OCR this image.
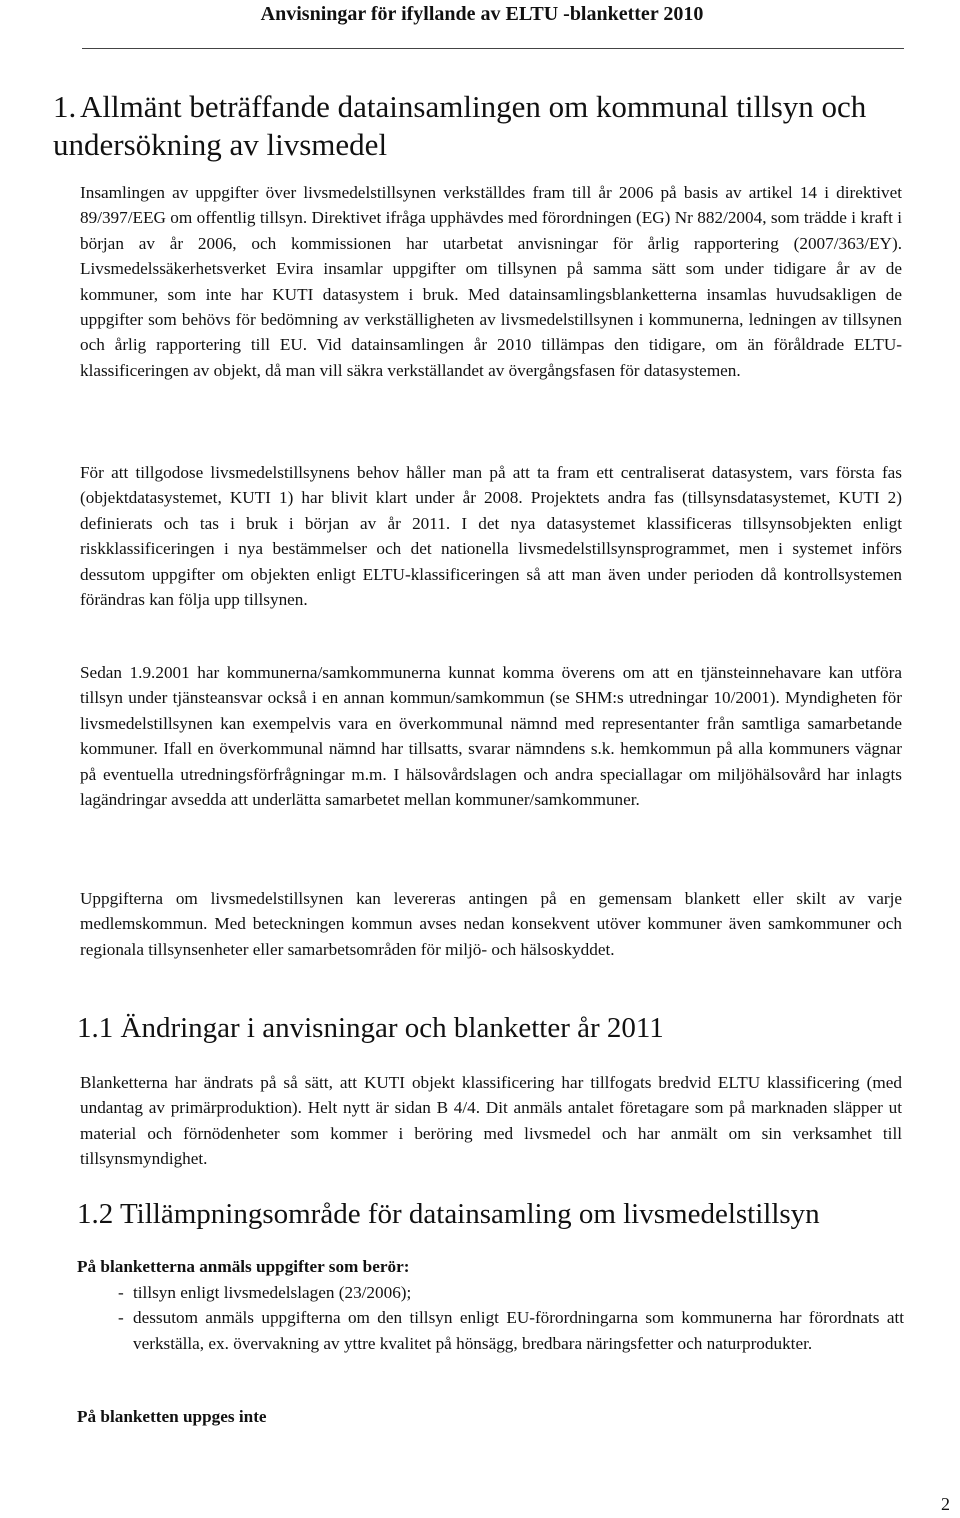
Anvisningar för ifyllande av ELTU -blanketter 2010
1. Allmänt beträffande datainsamlingen om kommunal tillsyn och undersökning av livsmedel

Insamlingen av uppgifter över livsmedelstillsynen verkställdes fram till år 2006 på basis av artikel 14 i direktivet 89/397/EEG om offentlig tillsyn. Direktivet ifråga upphävdes med förordningen (EG) Nr 882/2004, som trädde i kraft i början av år 2006, och kommissionen har utarbetat anvisningar för årlig rapportering (2007/363/EY). Livsmedelssäkerhetsverket Evira insamlar uppgifter om tillsynen på samma sätt som under tidigare år av de kommuner, som inte har KUTI datasystem i bruk. Med datainsamlingsblanketterna insamlas huvudsakligen de uppgifter som behövs för bedömning av verkställigheten av livsmedelstillsynen i kommunerna, ledningen av tillsynen och årlig rapportering till EU. Vid datainsamlingen år 2010 tillämpas den tidigare, om än föråldrade ELTU-klassificeringen av objekt, då man vill säkra verkställandet av övergångsfasen för datasystemen.

För att tillgodose livsmedelstillsynens behov håller man på att ta fram ett centraliserat datasystem, vars första fas (objektdatasystemet, KUTI 1) har blivit klart under år 2008. Projektets andra fas (tillsynsdatasystemet, KUTI 2) definierats och tas i bruk i början av år 2011. I det nya datasystemet klassificeras tillsynsobjekten enligt riskklassificeringen i nya bestämmelser och det nationella livsmedelstillsynsprogrammet, men i systemet införs dessutom uppgifter om objekten enligt ELTU-klassificeringen så att man även under perioden då kontrollsystemen förändras kan följa upp tillsynen.

Sedan 1.9.2001 har kommunerna/samkommunerna kunnat komma överens om att en tjänsteinnehavare kan utföra tillsyn under tjänsteansvar också i en annan kommun/samkommun (se SHM:s utredningar 10/2001). Myndigheten för livsmedelstillsynen kan exempelvis vara en överkommunal nämnd med representanter från samtliga samarbetande kommuner. Ifall en överkommunal nämnd har tillsatts, svarar nämndens s.k. hemkommun på alla kommuners vägnar på eventuella utredningsförfrågningar m.m. I hälsovårdslagen och andra speciallagar om miljöhälsovård har inlagts lagändringar avsedda att underlätta samarbetet mellan kommuner/samkommuner.

Uppgifterna om livsmedelstillsynen kan levereras antingen på en gemensam blankett eller skilt av varje medlemskommun. Med beteckningen kommun avses nedan konsekvent utöver kommuner även samkommuner och regionala tillsynsenheter eller samarbetsområden för miljö- och hälsoskyddet.

1.1 Ändringar i anvisningar och blanketter år 2011

Blanketterna har ändrats på så sätt, att KUTI objekt klassificering har tillfogats bredvid ELTU klassificering (med undantag av primärproduktion). Helt nytt är sidan B 4/4. Dit anmäls antalet företagare som på marknaden släpper ut material och förnödenheter som kommer i beröring med livsmedel och har anmält om sin verksamhet till tillsynsmyndighet.

1.2 Tillämpningsområde för datainsamling om livsmedelstillsyn
På blanketterna anmäls uppgifter som berör:
- tillsyn enligt livsmedelslagen (23/2006);
- dessutom anmäls uppgifterna om den tillsyn enligt EU-förordningarna som kommunerna har förordnats att verkställa, ex. övervakning av yttre kvalitet på hönsägg, bredbara näringsfetter och naturprodukter.
På blanketten uppges inte
2
